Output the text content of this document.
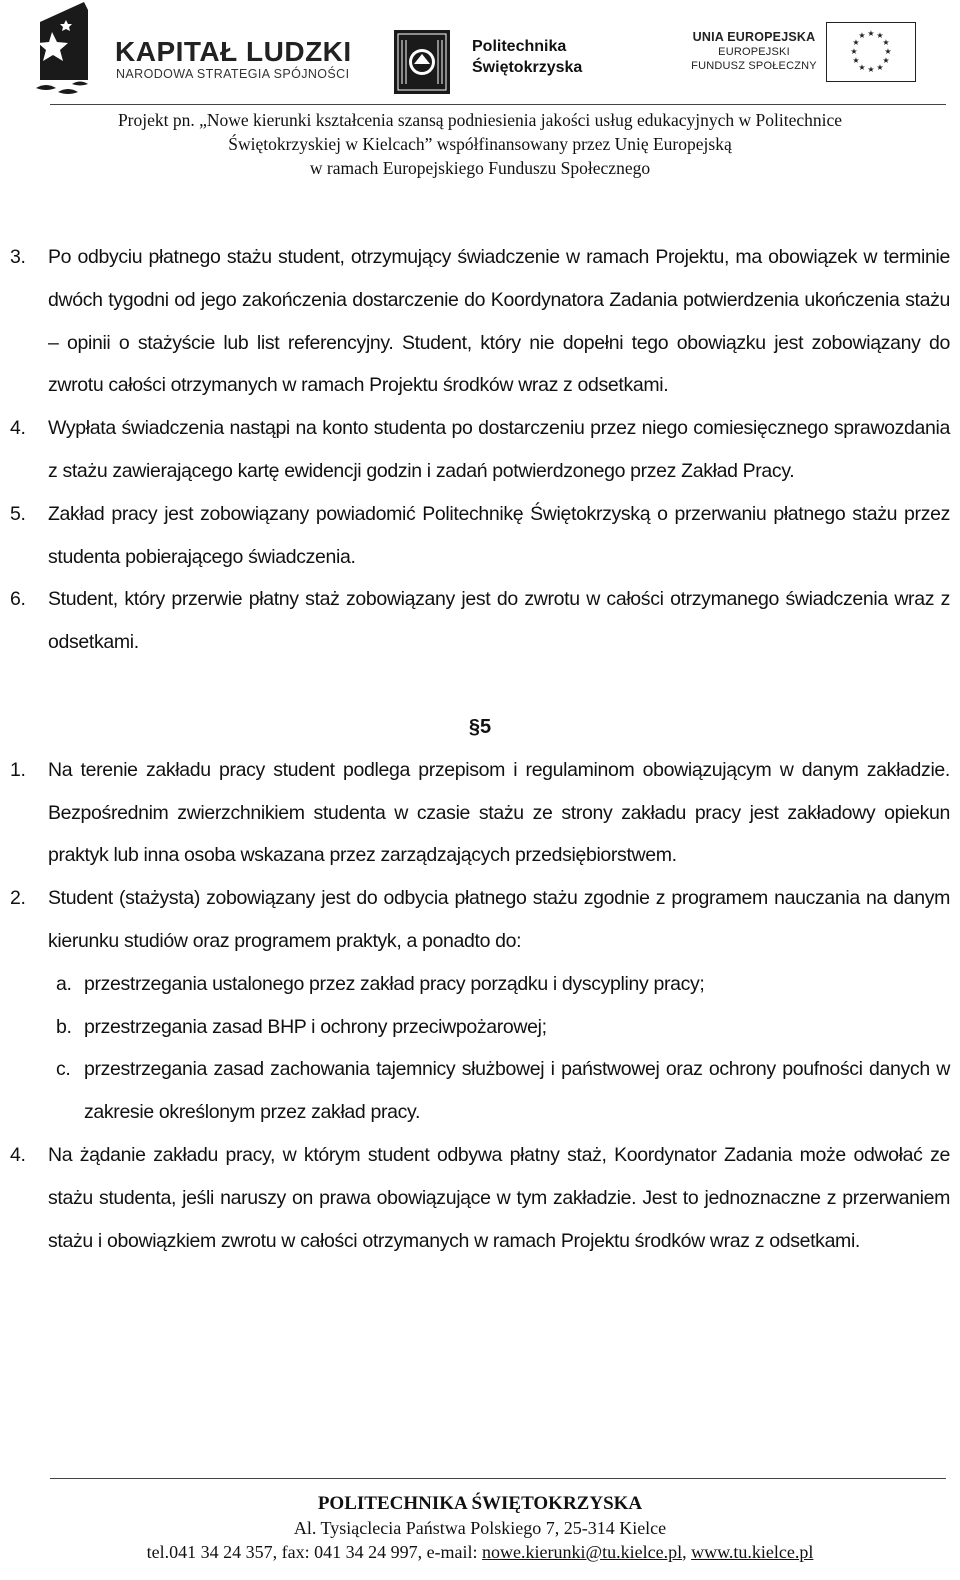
KAPITAŁ LUDZKI
NARODOWA STRATEGIA SPÓJNOŚCI
Politechnika
Świętokrzyska
UNIA EUROPEJSKA
EUROPEJSKI
FUNDUSZ SPOŁECZNY
★ ★
★
★
★
★
★
★
★
★
★
★
Projekt pn. „Nowe kierunki kształcenia szansą podniesienia jakości usług edukacyjnych w Politechnice
Świętokrzyskiej w Kielcach” współfinansowany przez Unię Europejską
w ramach Europejskiego Funduszu Społecznego
3. Po odbyciu płatnego stażu student, otrzymujący świadczenie w ramach Projektu, ma obowiązek w terminie dwóch tygodni od jego zakończenia dostarczenie do Koordynatora Zadania potwierdzenia ukończenia stażu – opinii o stażyście lub list referencyjny. Student, który nie dopełni tego obowiązku jest zobowiązany do zwrotu całości otrzymanych w ramach Projektu środków wraz z odsetkami.
4. Wypłata świadczenia nastąpi na konto studenta po dostarczeniu przez niego comiesięcznego sprawozdania z stażu zawierającego kartę ewidencji godzin i zadań potwierdzonego przez Zakład Pracy.
5. Zakład pracy jest zobowiązany powiadomić Politechnikę Świętokrzyską o przerwaniu płatnego stażu przez studenta pobierającego świadczenia.
6. Student, który przerwie płatny staż zobowiązany jest do zwrotu w całości otrzymanego świadczenia wraz z odsetkami.
§5
1. Na terenie zakładu pracy student podlega przepisom i regulaminom obowiązującym w danym zakładzie. Bezpośrednim zwierzchnikiem studenta w czasie stażu ze strony zakładu pracy jest zakładowy opiekun praktyk lub inna osoba wskazana przez zarządzających przedsiębiorstwem.
2. Student (stażysta) zobowiązany jest do odbycia płatnego stażu zgodnie z programem nauczania na danym kierunku studiów oraz programem praktyk, a ponadto do:
a. przestrzegania ustalonego przez zakład pracy porządku i dyscypliny pracy;
b. przestrzegania zasad BHP i ochrony przeciwpożarowej;
c. przestrzegania zasad zachowania tajemnicy służbowej i państwowej oraz ochrony poufności danych w zakresie określonym przez zakład pracy.
4. Na żądanie zakładu pracy, w którym student odbywa płatny staż, Koordynator Zadania może odwołać ze stażu studenta, jeśli naruszy on prawa obowiązujące w tym zakładzie. Jest to jednoznaczne z przerwaniem stażu i obowiązkiem zwrotu w całości otrzymanych w ramach Projektu środków wraz z odsetkami.
POLITECHNIKA ŚWIĘTOKRZYSKA
Al. Tysiąclecia Państwa Polskiego 7, 25-314 Kielce
tel.041 34 24 357, fax: 041 34 24 997, e-mail: nowe.kierunki@tu.kielce.pl, www.tu.kielce.pl
